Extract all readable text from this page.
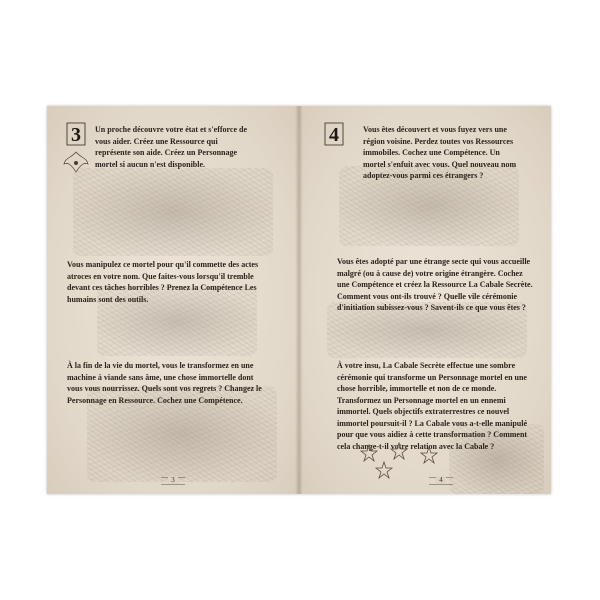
3 Un proche découvre votre état et s'efforce de vous aider. Créez une Ressource qui représente son aide. Créez un Personnage mortel si aucun n'est disponible.
Vous manipulez ce mortel pour qu'il commette des actes atroces en votre nom. Que faites-vous lorsqu'il tremble devant ces tâches horribles ? Prenez la Compétence Les humains sont des outils.
À la fin de la vie du mortel, vous le transformez en une machine à viande sans âme, une chose immortelle dont vous vous nourrissez. Quels sont vos regrets ? Changez le Personnage en Ressource. Cochez une Compétence.
3
4	Vous êtes découvert et vous fuyez vers une région voisine. Perdez toutes vos Ressources immobiles. Cochez une Compétence. Un mortel s'enfuit avec vous. Quel nouveau nom adoptez-vous parmi ces étrangers ?
Vous êtes adopté par une étrange secte qui vous accueille malgré (ou à cause de) votre origine étrangère. Cochez une Compétence et créez la Ressource La Cabale Secrète. Comment vous ont-ils trouvé ? Quelle vile cérémonie d'initiation subissez-vous ? Savent-ils ce que vous êtes ?
À votre insu, La Cabale Secrète effectue une sombre cérémonie qui transforme un Personnage mortel en une chose horrible, immortelle et non de ce monde. Transformez un Personnage mortel en un ennemi immortel. Quels objectifs extraterrestres ce nouvel immortel poursuit-il ? La Cabale vous a-t-elle manipulé pour que vous aidiez à cette transformation ? Comment cela change-t-il votre relation avec la Cabale ?
4
